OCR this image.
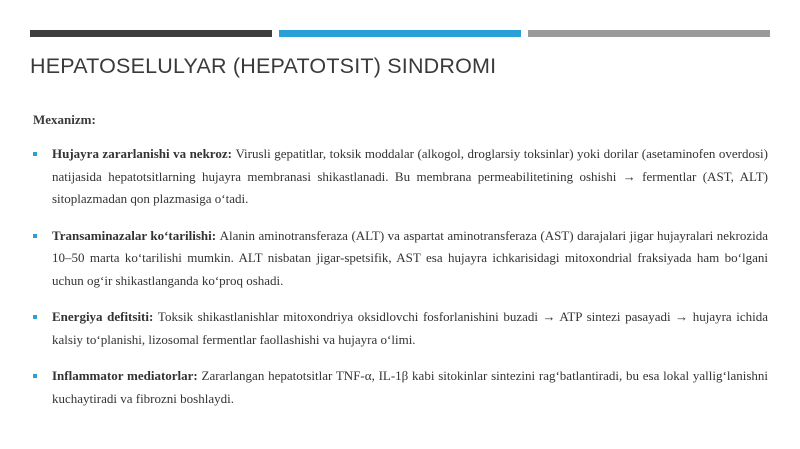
HEPATOSELULYAR (HEPATOTSIT) SINDROMI
Mexanizm:
Hujayra zararlanishi va nekroz: Virusli gepatitlar, toksik moddalar (alkogol, droglarsiy toksinlar) yoki dorilar (asetaminofen overdosi) natijasida hepatotsitlarning hujayra membranasi shikastlanadi. Bu membrana permeabilitetining oshishi → fermentlar (AST, ALT) sitoplazmadan qon plazmasiga oʻtadi.
Transaminazalar koʻtarilishi: Alanin aminotransferaza (ALT) va aspartat aminotransferaza (AST) darajalari jigar hujayralari nekrozida 10–50 marta koʻtarilishi mumkin. ALT nisbatan jigar-spetsifik, AST esa hujayra ichkarisidagi mitoxondrial fraksiyada ham boʻlgani uchun ogʻir shikastlanganda koʻproq oshadi.
Energiya defitsiti: Toksik shikastlanishlar mitoxondriya oksidlovchi fosforlanishini buzadi → ATP sintezi pasayadi → hujayra ichida kalsiy toʻplanishi, lizosomal fermentlar faollashishi va hujayra oʻlimi.
Inflammator mediatorlar: Zararlangan hepatotsitlar TNF-α, IL-1β kabi sitokinlar sintezini ragʻbatlantiradi, bu esa lokal yalligʻlanishni kuchaytiradi va fibrozni boshlaydi.
